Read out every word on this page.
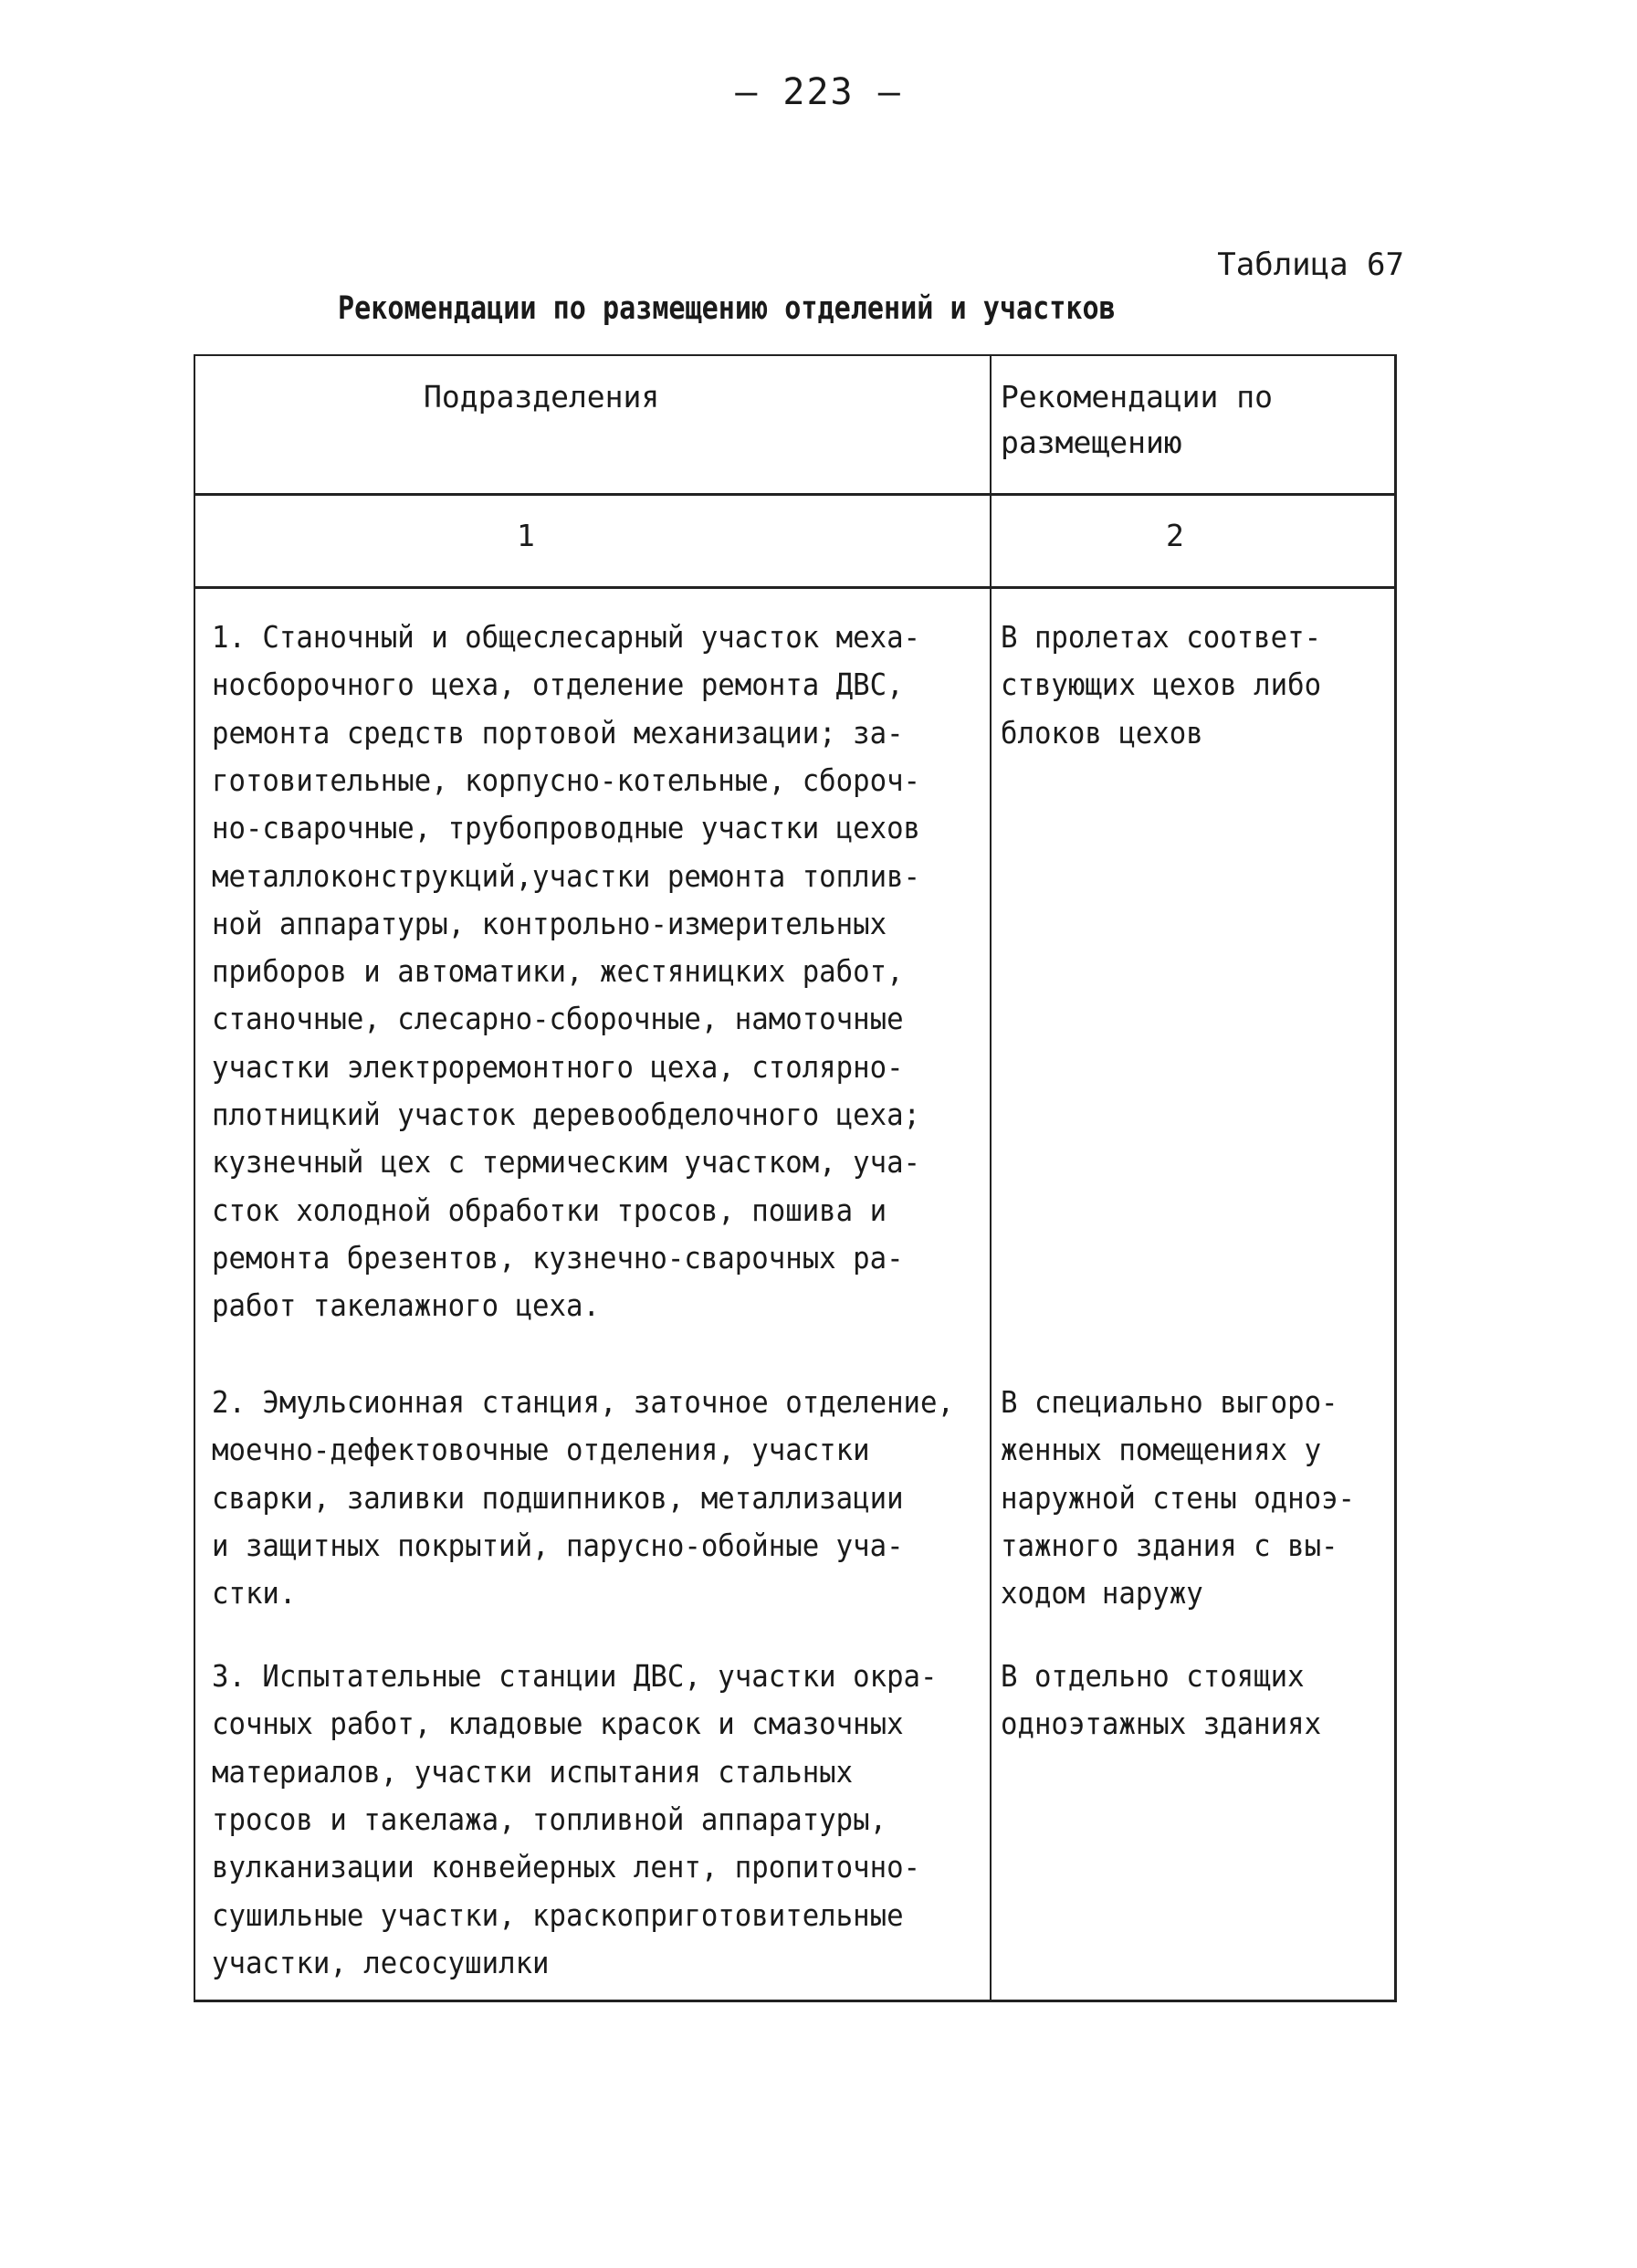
– 223 –
Таблица 67
Рекомендации по размещению отделений и участков
Подразделения	Рекомендации по
размещению
1	2
1. Станочный и общеслесарный участок меха-
носборочного цеха, отделение ремонта ДВС,
ремонта средств портовой механизации; за-
готовительные, корпусно-котельные, сбороч-
но-сварочные, трубопроводные участки цехов
металлоконструкций,участки ремонта топлив-
ной аппаратуры, контрольно-измерительных
приборов и автоматики, жестяницких работ,
станочные, слесарно-сборочные, намоточные
участки электроремонтного цеха, столярно-
плотницкий участок деревообделочного цеха;
кузнечный цех с термическим участком, уча-
сток холодной обработки тросов, пошива и
ремонта брезентов, кузнечно-сварочных ра-
работ такелажного цеха.
В пролетах соответ-
ствующих цехов либо
блоков цехов
2. Эмульсионная станция, заточное отделение,
моечно-дефектовочные отделения, участки
сварки, заливки подшипников, металлизации
и защитных покрытий, парусно-обойные уча-
стки.
В специально выгоро-
женных помещениях у
наружной стены одноэ-
тажного здания с вы-
ходом наружу
3. Испытательные станции ДВС, участки окра-
сочных работ, кладовые красок и смазочных
материалов, участки испытания стальных
тросов и такелажа, топливной аппаратуры,
вулканизации конвейерных лент, пропиточно-
сушильные участки, краскоприготовительные
участки, лесосушилки
В отдельно стоящих
одноэтажных зданиях
